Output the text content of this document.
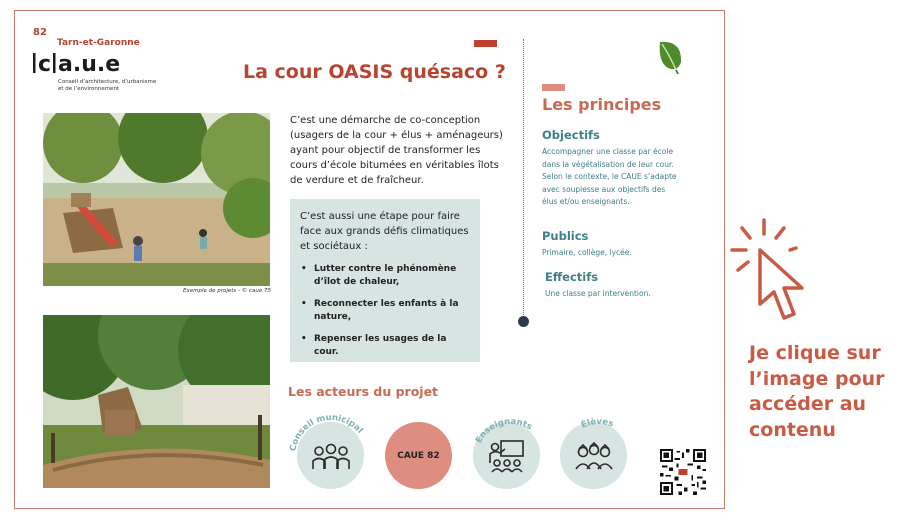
82
Tarn-et-Garonne
c a.u.e
Conseil d’architecture, d’urbanisme
et de l’environnement
La cour OASIS quésaco ?
Exemple de projets - © caue 75
C’est une démarche de co-conception (usagers de la cour + élus + aménageurs) ayant pour objectif de transformer les cours d’école bitumées en véritables îlots de verdure et de fraîcheur.

C’est aussi une étape pour faire face aux grands défis climatiques et sociétaux :

• Lutter contre le phénomène d’îlot de chaleur,
• Reconnecter les enfants à la nature,
• Repenser les usages de la cour.
Les acteurs du projet
Conseil municipal
CAUE 82
Enseignants	Élèves
Les principes
Objectifs
Accompagner une classe par école dans la végétalisation de leur cour. Selon le contexte, le CAUE s’adapte avec souplesse aux objectifs des élus et/ou enseignants.
Publics
Primaire, collège, lycée.
Effectifs
Une classe par intervention.
Je clique sur
l’image pour
accéder au
contenu
